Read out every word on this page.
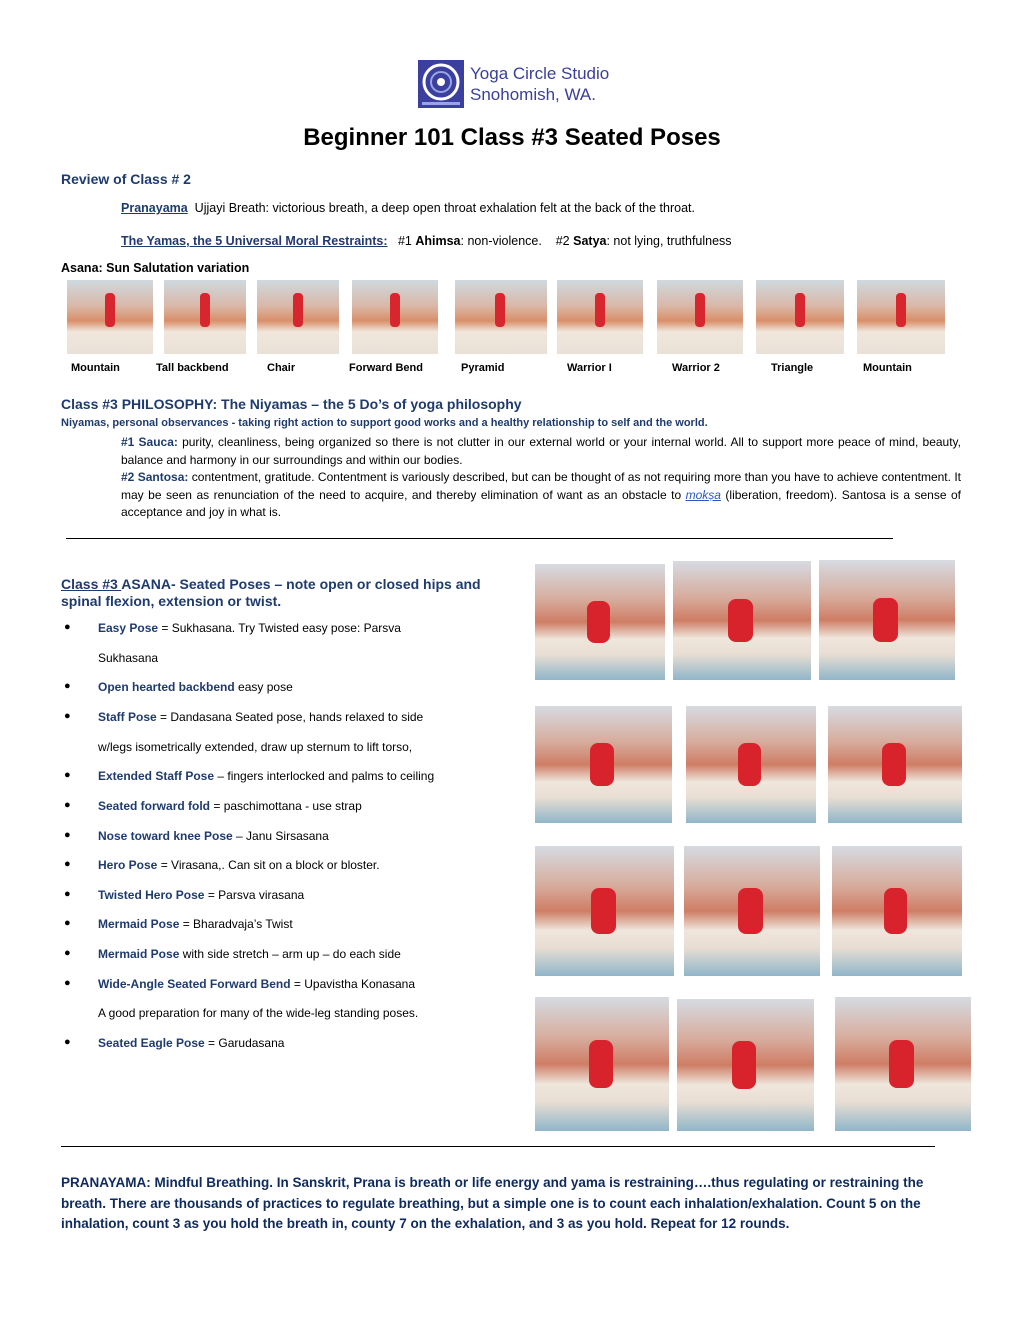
Yoga Circle Studio
Snohomish, WA.
Beginner 101 Class #3 Seated Poses
Review of Class # 2
Pranayama Ujjayi Breath: victorious breath, a deep open throat exhalation felt at the back of the throat.
The Yamas, the 5 Universal Moral Restraints: #1 Ahimsa: non-violence. #2 Satya: not lying, truthfulness
Asana: Sun Salutation variation
Mountain	Tall backbend	Chair	Forward Bend	Pyramid	Warrior I	Warrior 2	Triangle	Mountain
Class #3 PHILOSOPHY: The Niyamas – the 5 Do’s of yoga philosophy
Niyamas, personal observances - taking right action to support good works and a healthy relationship to self and the world.
#1 Sauca: purity, cleanliness, being organized so there is not clutter in our external world or your internal world. All to support more peace of mind, beauty, balance and harmony in our surroundings and within our bodies.
#2 Santosa: contentment, gratitude. Contentment is variously described, but can be thought of as not requiring more than you have to achieve contentment. It may be seen as renunciation of the need to acquire, and thereby elimination of want as an obstacle to mokṣa (liberation, freedom). Santosa is a sense of acceptance and joy in what is.
Class #3 ASANA- Seated Poses – note open or closed hips and spinal flexion, extension or twist.
● Easy Pose = Sukhasana. Try Twisted easy pose: Parsva
Sukhasana
● Open hearted backbend easy pose
● Staff Pose = Dandasana Seated pose, hands relaxed to side
w/legs isometrically extended, draw up sternum to lift torso,
● Extended Staff Pose – fingers interlocked and palms to ceiling
● Seated forward fold = paschimottana - use strap
● Nose toward knee Pose – Janu Sirsasana
● Hero Pose = Virasana,. Can sit on a block or bloster.
● Twisted Hero Pose = Parsva virasana
● Mermaid Pose = Bharadvaja’s Twist
● Mermaid Pose with side stretch – arm up – do each side
● Wide-Angle Seated Forward Bend = Upavistha Konasana
A good preparation for many of the wide-leg standing poses.
● Seated Eagle Pose = Garudasana
PRANAYAMA: Mindful Breathing. In Sanskrit, Prana is breath or life energy and yama is restraining….thus regulating or restraining the breath. There are thousands of practices to regulate breathing, but a simple one is to count each inhalation/exhalation. Count 5 on the inhalation, count 3 as you hold the breath in, county 7 on the exhalation, and 3 as you hold. Repeat for 12 rounds.
